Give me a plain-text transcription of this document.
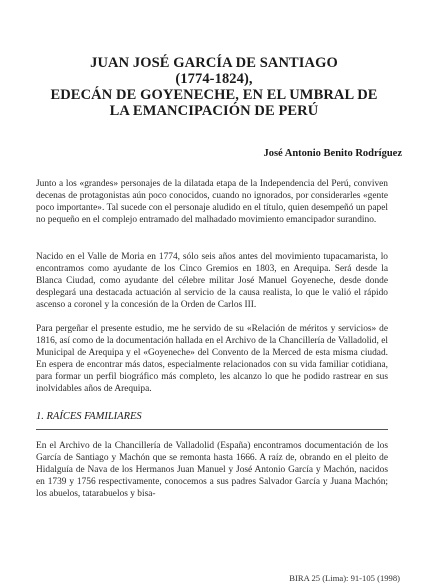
JUAN JOSÉ GARCÍA DE SANTIAGO
(1774-1824),
EDECÁN DE GOYENECHE, EN EL UMBRAL DE
LA EMANCIPACIÓN DE PERÚ
José Antonio Benito Rodríguez

Junto a los «grandes» personajes de la dilatada etapa de la Independencia del Perú, conviven decenas de protagonistas aún poco conocidos, cuando no ignorados, por considerarles «gente poco importante». Tal sucede con el personaje aludido en el título, quien desempeñó un papel no pequeño en el complejo entramado del malhadado movimiento emancipador surandino.

Nacido en el Valle de Moria en 1774, sólo seis años antes del movimiento tupacamarista, lo encontramos como ayudante de los Cinco Gremios en 1803, en Arequipa. Será desde la Blanca Ciudad, como ayudante del célebre militar José Manuel Goyeneche, desde donde desplegará una destacada actuación al servicio de la causa realista, lo que le valió el rápido ascenso a coronel y la concesión de la Orden de Carlos III.

Para pergeñar el presente estudio, me he servido de su «Relación de méritos y servicios» de 1816, así como de la documentación hallada en el Archivo de la Chancillería de Valladolid, el Municipal de Arequipa y el «Goyeneche» del Convento de la Merced de esta misma ciudad. En espera de encontrar más datos, especialmente relacionados con su vida familiar cotidiana, para formar un perfil biográfico más completo, les alcanzo lo que he podido rastrear en sus inolvidables años de Arequipa.

1. RAÍCES FAMILIARES

En el Archivo de la Chancillería de Valladolid (España) encontramos documentación de los García de Santiago y Machón que se remonta hasta 1666. A raíz de, obrando en el pleito de Hidalguía de Nava de los Hermanos Juan Manuel y José Antonio García y Machón, nacidos en 1739 y 1756 respectivamente, conocemos a sus padres Salvador García y Juana Machón; los abuelos, tatarabuelos y bisa-

BIRA 25 (Lima): 91-105 (1998)
